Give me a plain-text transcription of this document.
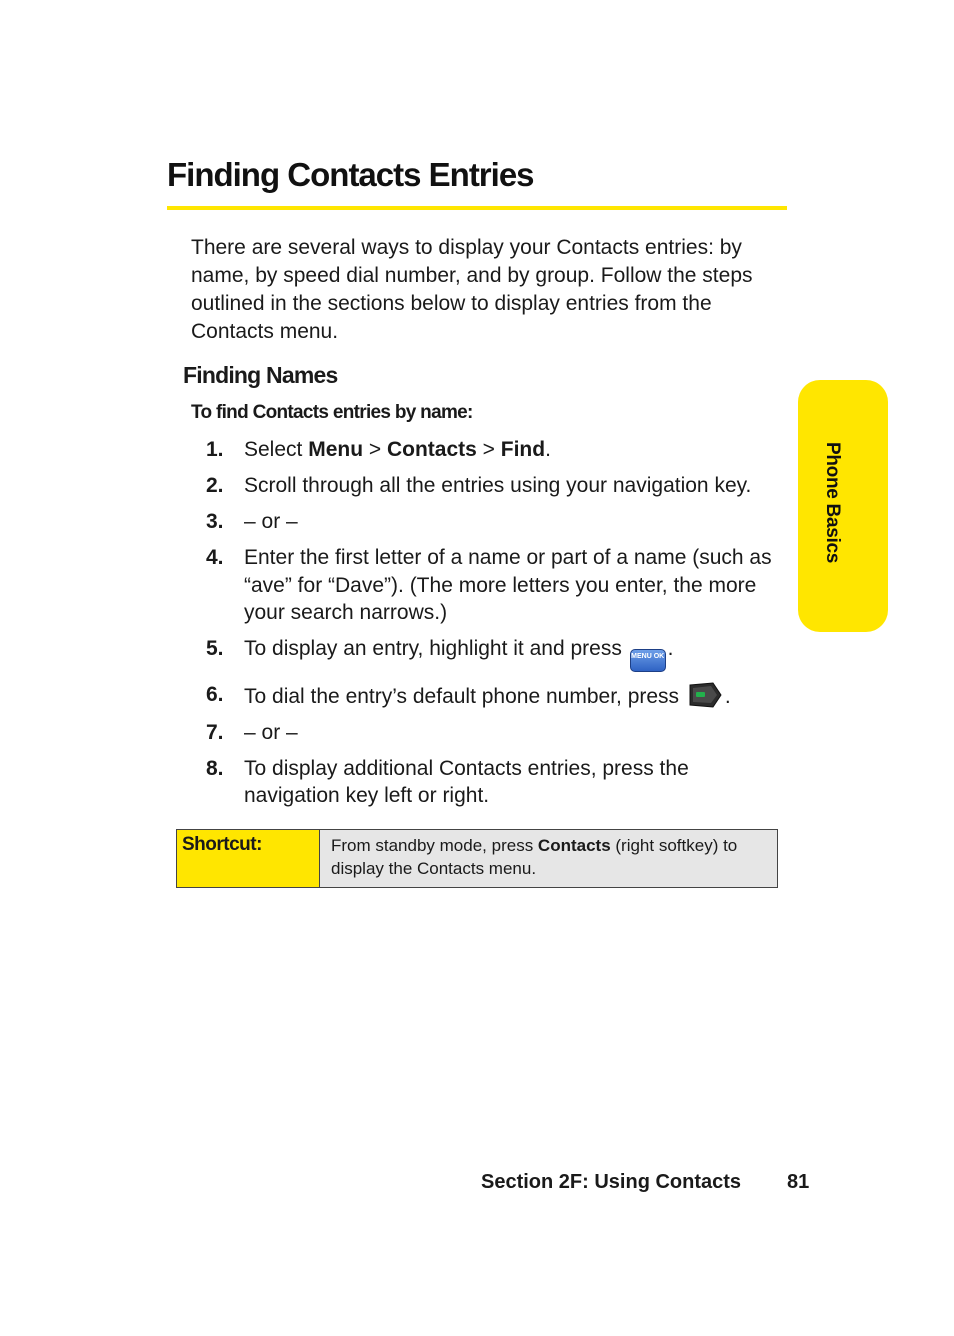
Finding Contacts Entries

There are several ways to display your Contacts entries: by name, by speed dial number, and by group. Follow the steps outlined in the sections below to display entries from the Contacts menu.

Finding Names

To find Contacts entries by name:

1. Select Menu > Contacts > Find.
2. Scroll through all the entries using your navigation key.
3. – or –
4. Enter the first letter of a name or part of a name (such as “ave” for “Dave”). (The more letters you enter, the more your search narrows.)
5. To display an entry, highlight it and press MENU OK .
6. To dial the entry’s default phone number, press .
7. – or –
8. To display additional Contacts entries, press the navigation key left or right.
Shortcut:	From standby mode, press Contacts (right softkey) to display the Contacts menu.

Phone Basics

Section 2F: Using Contacts 81
